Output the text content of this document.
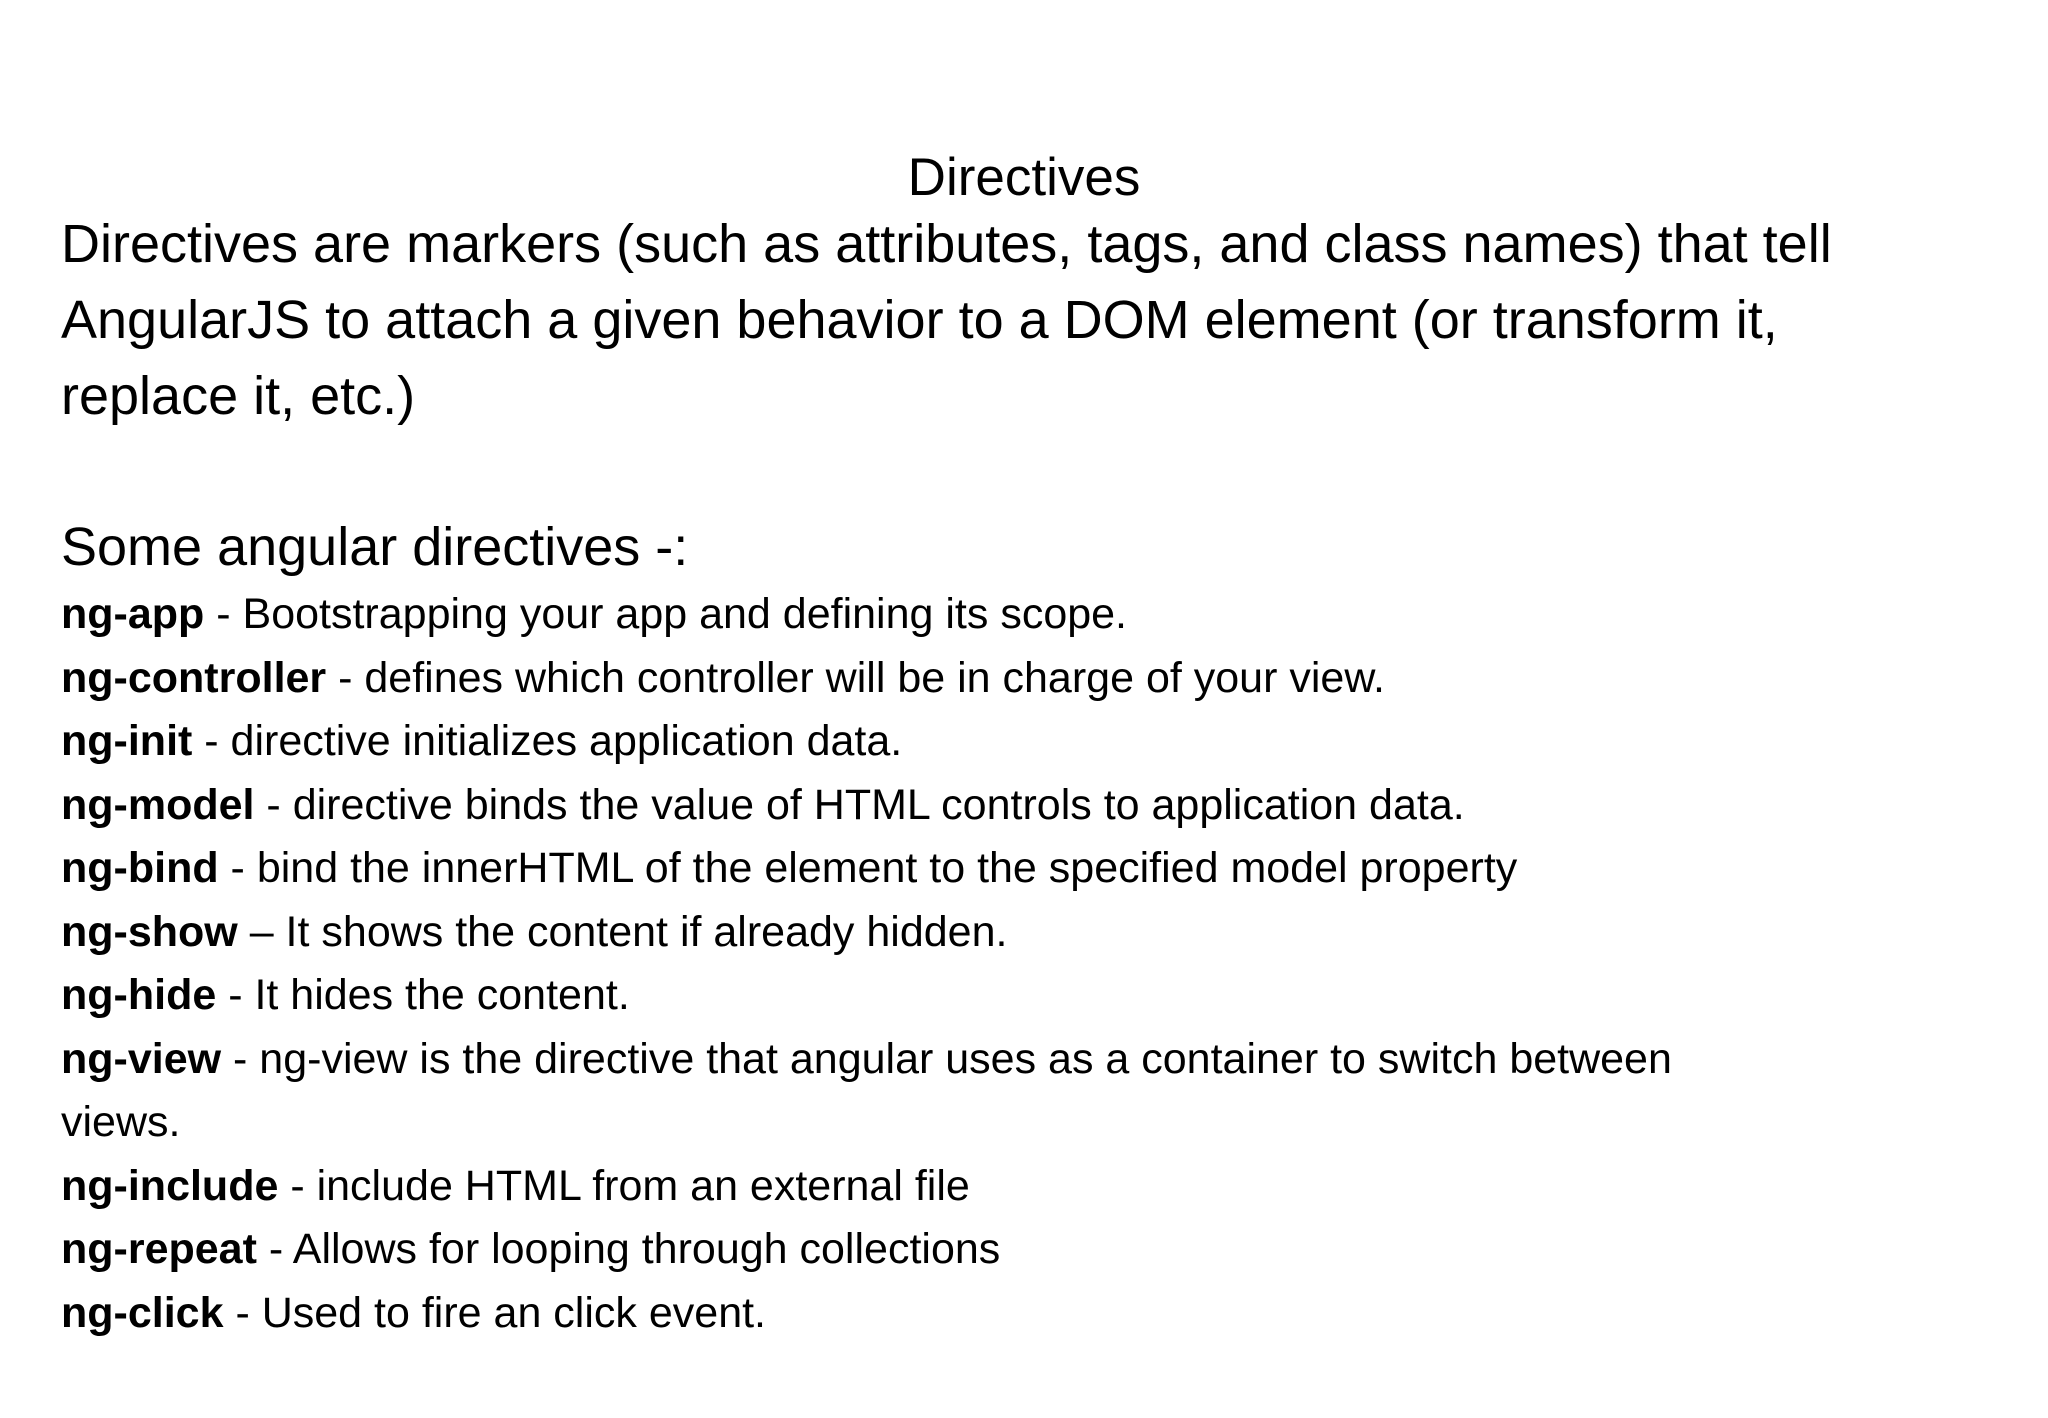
Directives
Directives are markers (such as attributes, tags, and class names) that tell
AngularJS to attach a given behavior to a DOM element (or transform it,
replace it, etc.)
Some angular directives -:
ng-app - Bootstrapping your app and defining its scope.
ng-controller - defines which controller will be in charge of your view.
ng-init - directive initializes application data.
ng-model - directive binds the value of HTML controls to application data.
ng-bind - bind the innerHTML of the element to the specified model property
ng-show – It shows the content if already hidden.
ng-hide - It hides the content.
ng-view - ng-view is the directive that angular uses as a container to switch between
views.
ng-include - include HTML from an external file
ng-repeat - Allows for looping through collections
ng-click - Used to fire an click event.
